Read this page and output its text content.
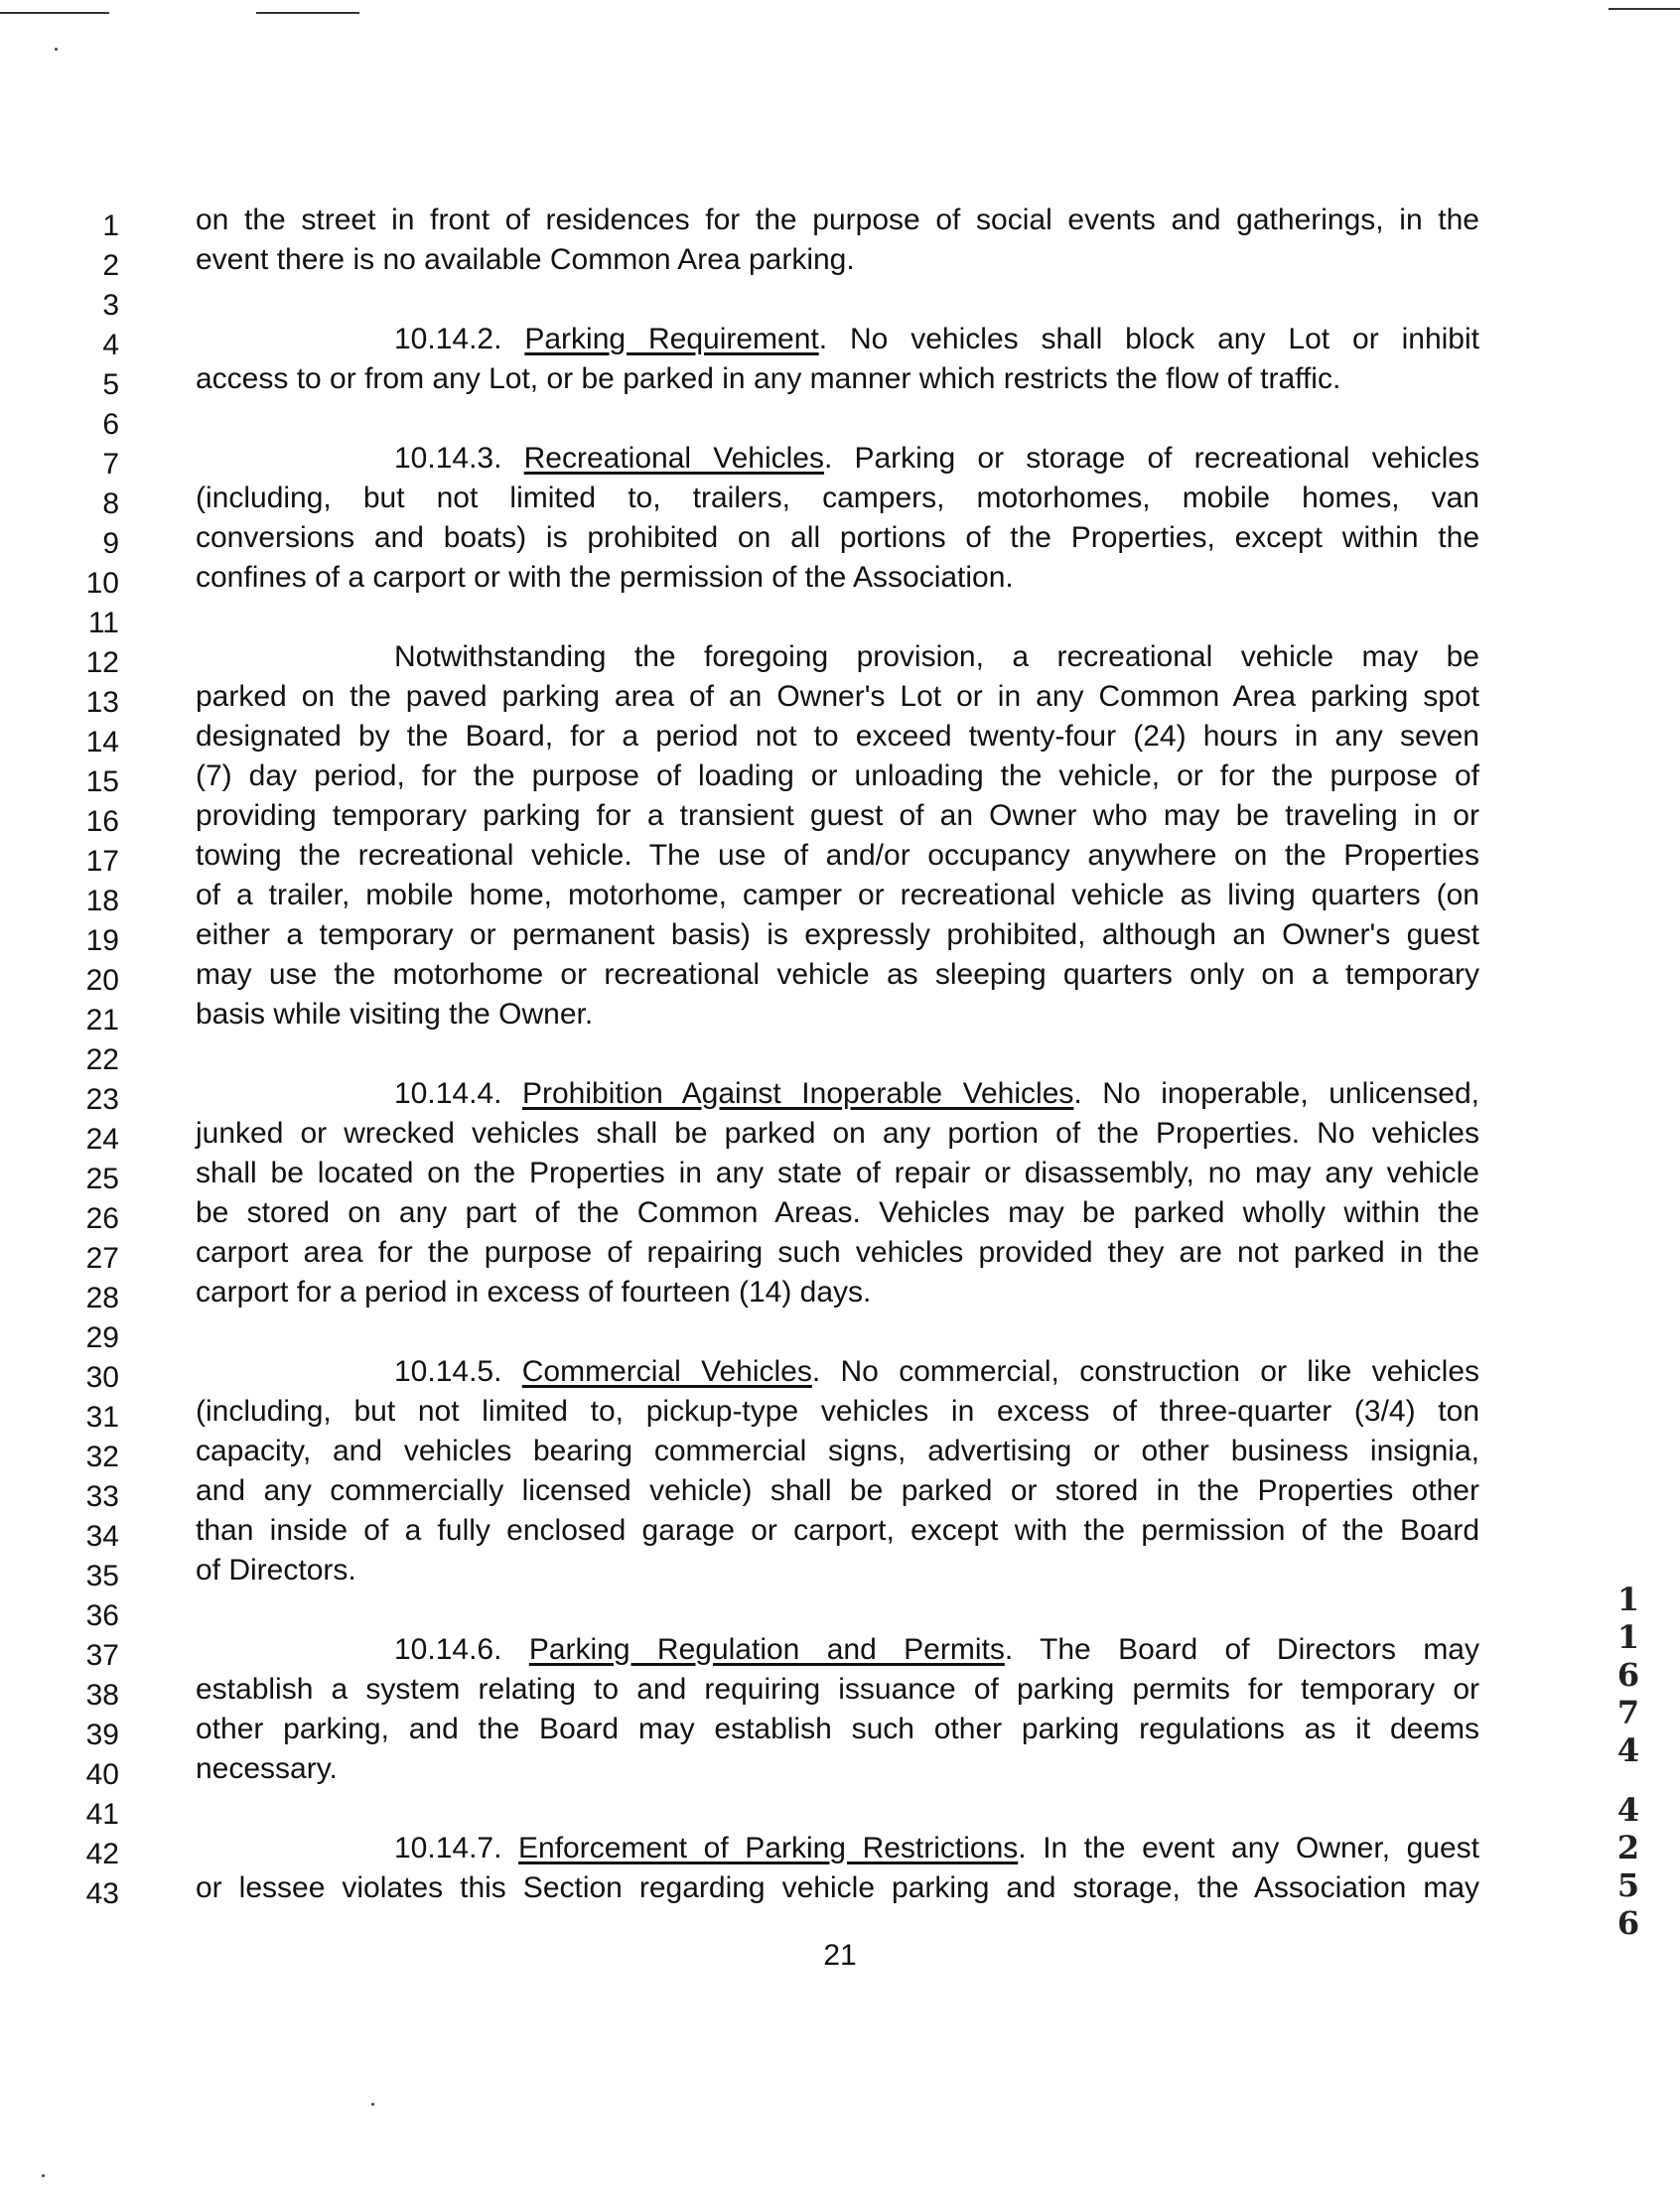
1
2
3
4
5
6
7
8
9
10
11
12
13
14
15
16
17
18
19
20
21
22
23
24
25
26
27
28
29
30
31
32
33
34
35
36
37
38
39
40
41
42
43
on the street in front of residences for the purpose of social events and gatherings, in the
event there is no available Common Area parking.
10.14.2. Parking Requirement. No vehicles shall block any Lot or inhibit
access to or from any Lot, or be parked in any manner which restricts the flow of traffic.
10.14.3. Recreational Vehicles. Parking or storage of recreational vehicles
(including, but not limited to, trailers, campers, motorhomes, mobile homes, van
conversions and boats) is prohibited on all portions of the Properties, except within the
confines of a carport or with the permission of the Association.
Notwithstanding the foregoing provision, a recreational vehicle may be
parked on the paved parking area of an Owner's Lot or in any Common Area parking spot
designated by the Board, for a period not to exceed twenty-four (24) hours in any seven
(7) day period, for the purpose of loading or unloading the vehicle, or for the purpose of
providing temporary parking for a transient guest of an Owner who may be traveling in or
towing the recreational vehicle. The use of and/or occupancy anywhere on the Properties
of a trailer, mobile home, motorhome, camper or recreational vehicle as living quarters (on
either a temporary or permanent basis) is expressly prohibited, although an Owner's guest
may use the motorhome or recreational vehicle as sleeping quarters only on a temporary
basis while visiting the Owner.
10.14.4. Prohibition Against Inoperable Vehicles. No inoperable, unlicensed,
junked or wrecked vehicles shall be parked on any portion of the Properties. No vehicles
shall be located on the Properties in any state of repair or disassembly, no may any vehicle
be stored on any part of the Common Areas. Vehicles may be parked wholly within the
carport area for the purpose of repairing such vehicles provided they are not parked in the
carport for a period in excess of fourteen (14) days.
10.14.5. Commercial Vehicles. No commercial, construction or like vehicles
(including, but not limited to, pickup-type vehicles in excess of three-quarter (3/4) ton
capacity, and vehicles bearing commercial signs, advertising or other business insignia,
and any commercially licensed vehicle) shall be parked or stored in the Properties other
than inside of a fully enclosed garage or carport, except with the permission of the Board
of Directors.
10.14.6. Parking Regulation and Permits. The Board of Directors may
establish a system relating to and requiring issuance of parking permits for temporary or
other parking, and the Board may establish such other parking regulations as it deems
necessary.
10.14.7. Enforcement of Parking Restrictions. In the event any Owner, guest
or lessee violates this Section regarding vehicle parking and storage, the Association may
1
1
6
7
4
4
2
5
6
21
